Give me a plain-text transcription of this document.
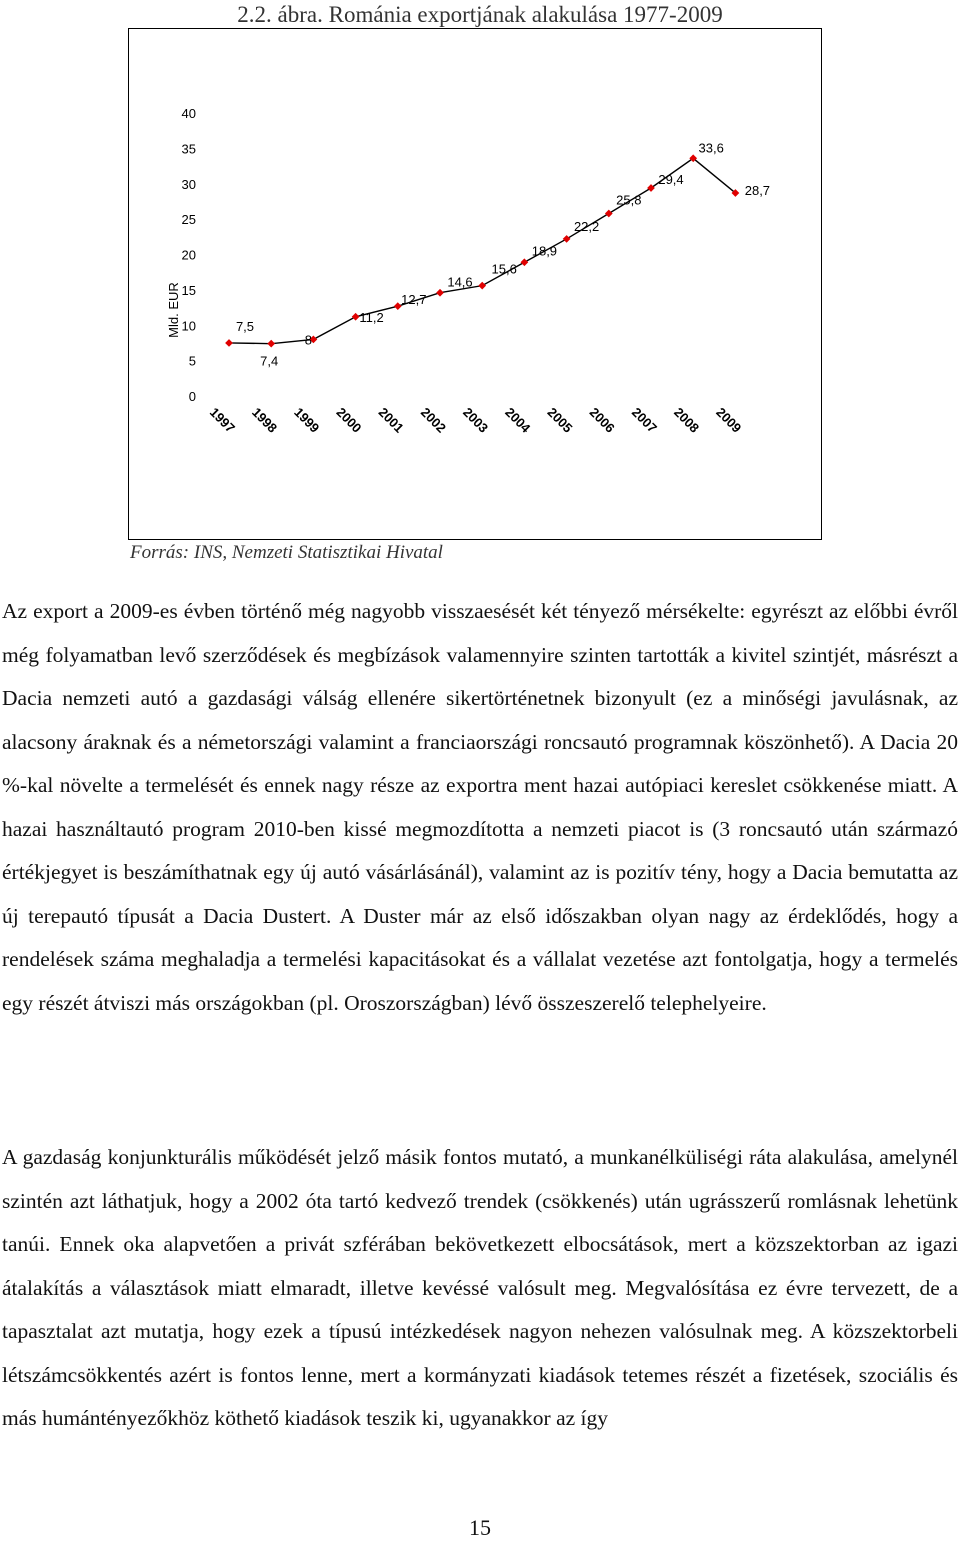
2.2. ábra. Románia exportjának alakulása 1977-2009
0
5
10
15
20
25
30
35
40
1997 1998 1999 2000 2001 2002 2003 2004 2005 2006 2007 2008 2009
Mld. EUR	7,5
7,4
8
11,2
12,7
14,6
15,6
18,9
22,2
25,8
29,4
33,6
28,7
Forrás: INS, Nemzeti Statisztikai Hivatal

Az export a 2009-es évben történő még nagyobb visszaesését két tényező mérsékelte: egyrészt az előbbi évről még folyamatban levő szerződések és megbízások valamennyire szinten tartották a kivitel szintjét, másrészt a Dacia nemzeti autó a gazdasági válság ellenére sikertörténetnek bizonyult (ez a minőségi javulásnak, az alacsony áraknak és a németországi valamint a franciaországi roncsautó programnak köszönhető). A Dacia 20 %-kal növelte a termelését és ennek nagy része az exportra ment hazai autópiaci kereslet csökkenése miatt. A hazai használtautó program 2010-ben kissé megmozdította a nemzeti piacot is (3 roncsautó után származó értékjegyet is beszámíthatnak egy új autó vásárlásánál), valamint az is pozitív tény, hogy a Dacia bemutatta az új terepautó típusát a Dacia Dustert. A Duster már az első időszakban olyan nagy az érdeklődés, hogy a rendelések száma meghaladja a termelési kapacitásokat és a vállalat vezetése azt fontolgatja, hogy a termelés egy részét átviszi más országokban (pl. Oroszországban) lévő összeszerelő telephelyeire.

A gazdaság konjunkturális működését jelző másik fontos mutató, a munkanélküliségi ráta alakulása, amelynél szintén azt láthatjuk, hogy a 2002 óta tartó kedvező trendek (csökkenés) után ugrásszerű romlásnak lehetünk tanúi. Ennek oka alapvetően a privát szférában bekövetkezett elbocsátások, mert a közszektorban az igazi átalakítás a választások miatt elmaradt, illetve kevéssé valósult meg. Megvalósítása ez évre tervezett, de a tapasztalat azt mutatja, hogy ezek a típusú intézkedések nagyon nehezen valósulnak meg. A közszektorbeli létszámcsökkentés azért is fontos lenne, mert a kormányzati kiadások tetemes részét a fizetések, szociális és más humántényezőkhöz köthető kiadások teszik ki, ugyanakkor az így

15
